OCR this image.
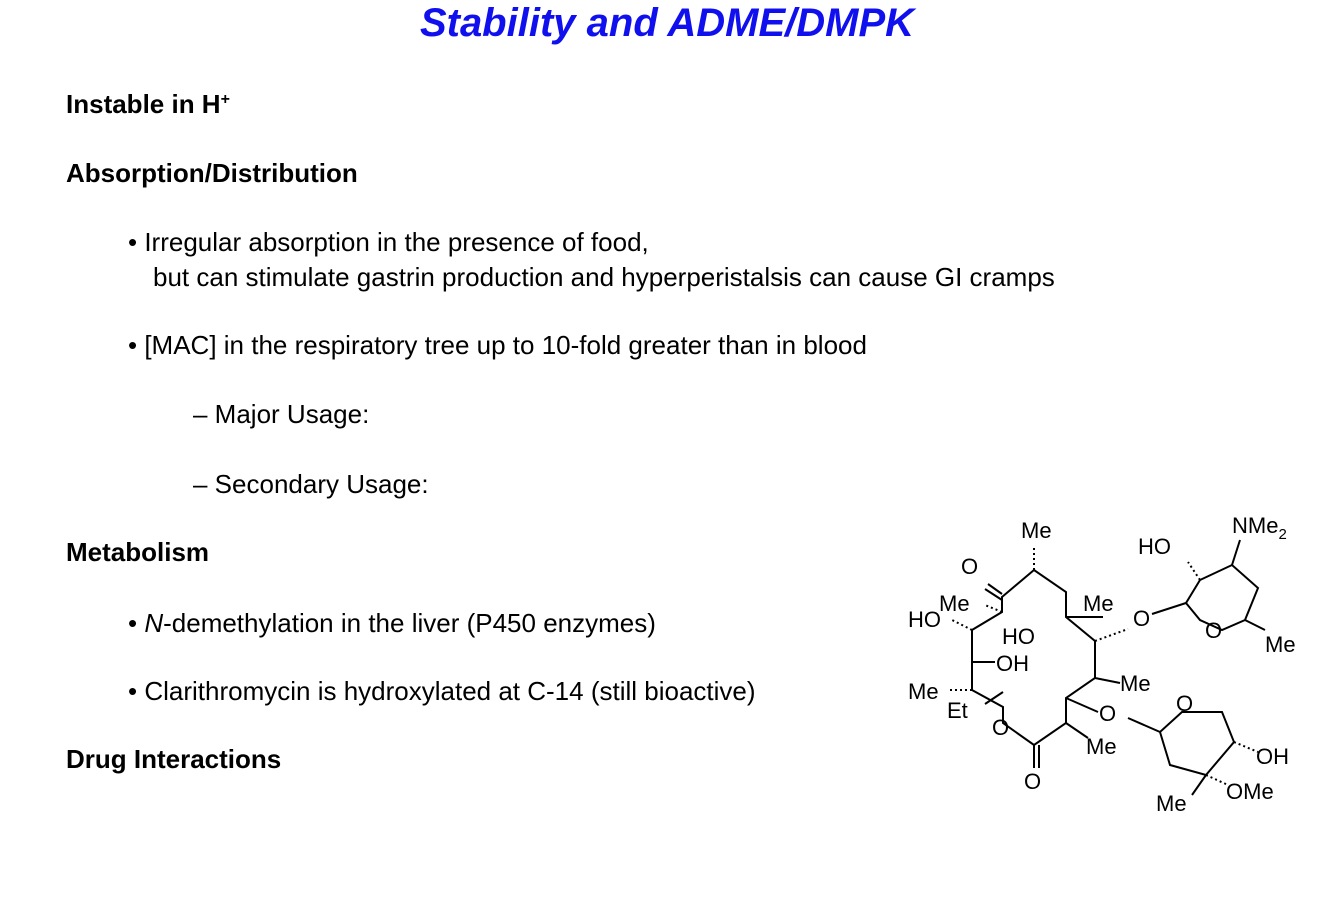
Stability and ADME/DMPK
Instable in H+
Absorption/Distribution
• Irregular absorption in the presence of food,
but can stimulate gastrin production and hyperperistalsis can cause GI cramps
• [MAC] in the respiratory tree up to 10-fold greater than in blood
– Major Usage:
– Secondary Usage:
Metabolism
• N-demethylation in the liver (P450 enzymes)
• Clarithromycin is hydroxylated at C-14 (still bioactive)
Drug Interactions
Me
HO
NMe$_2$
O
Me
HO
Me
HO
O O
Me
OH
Me
Me
Et	O	O
O
Me	OH
O
Me OMe
